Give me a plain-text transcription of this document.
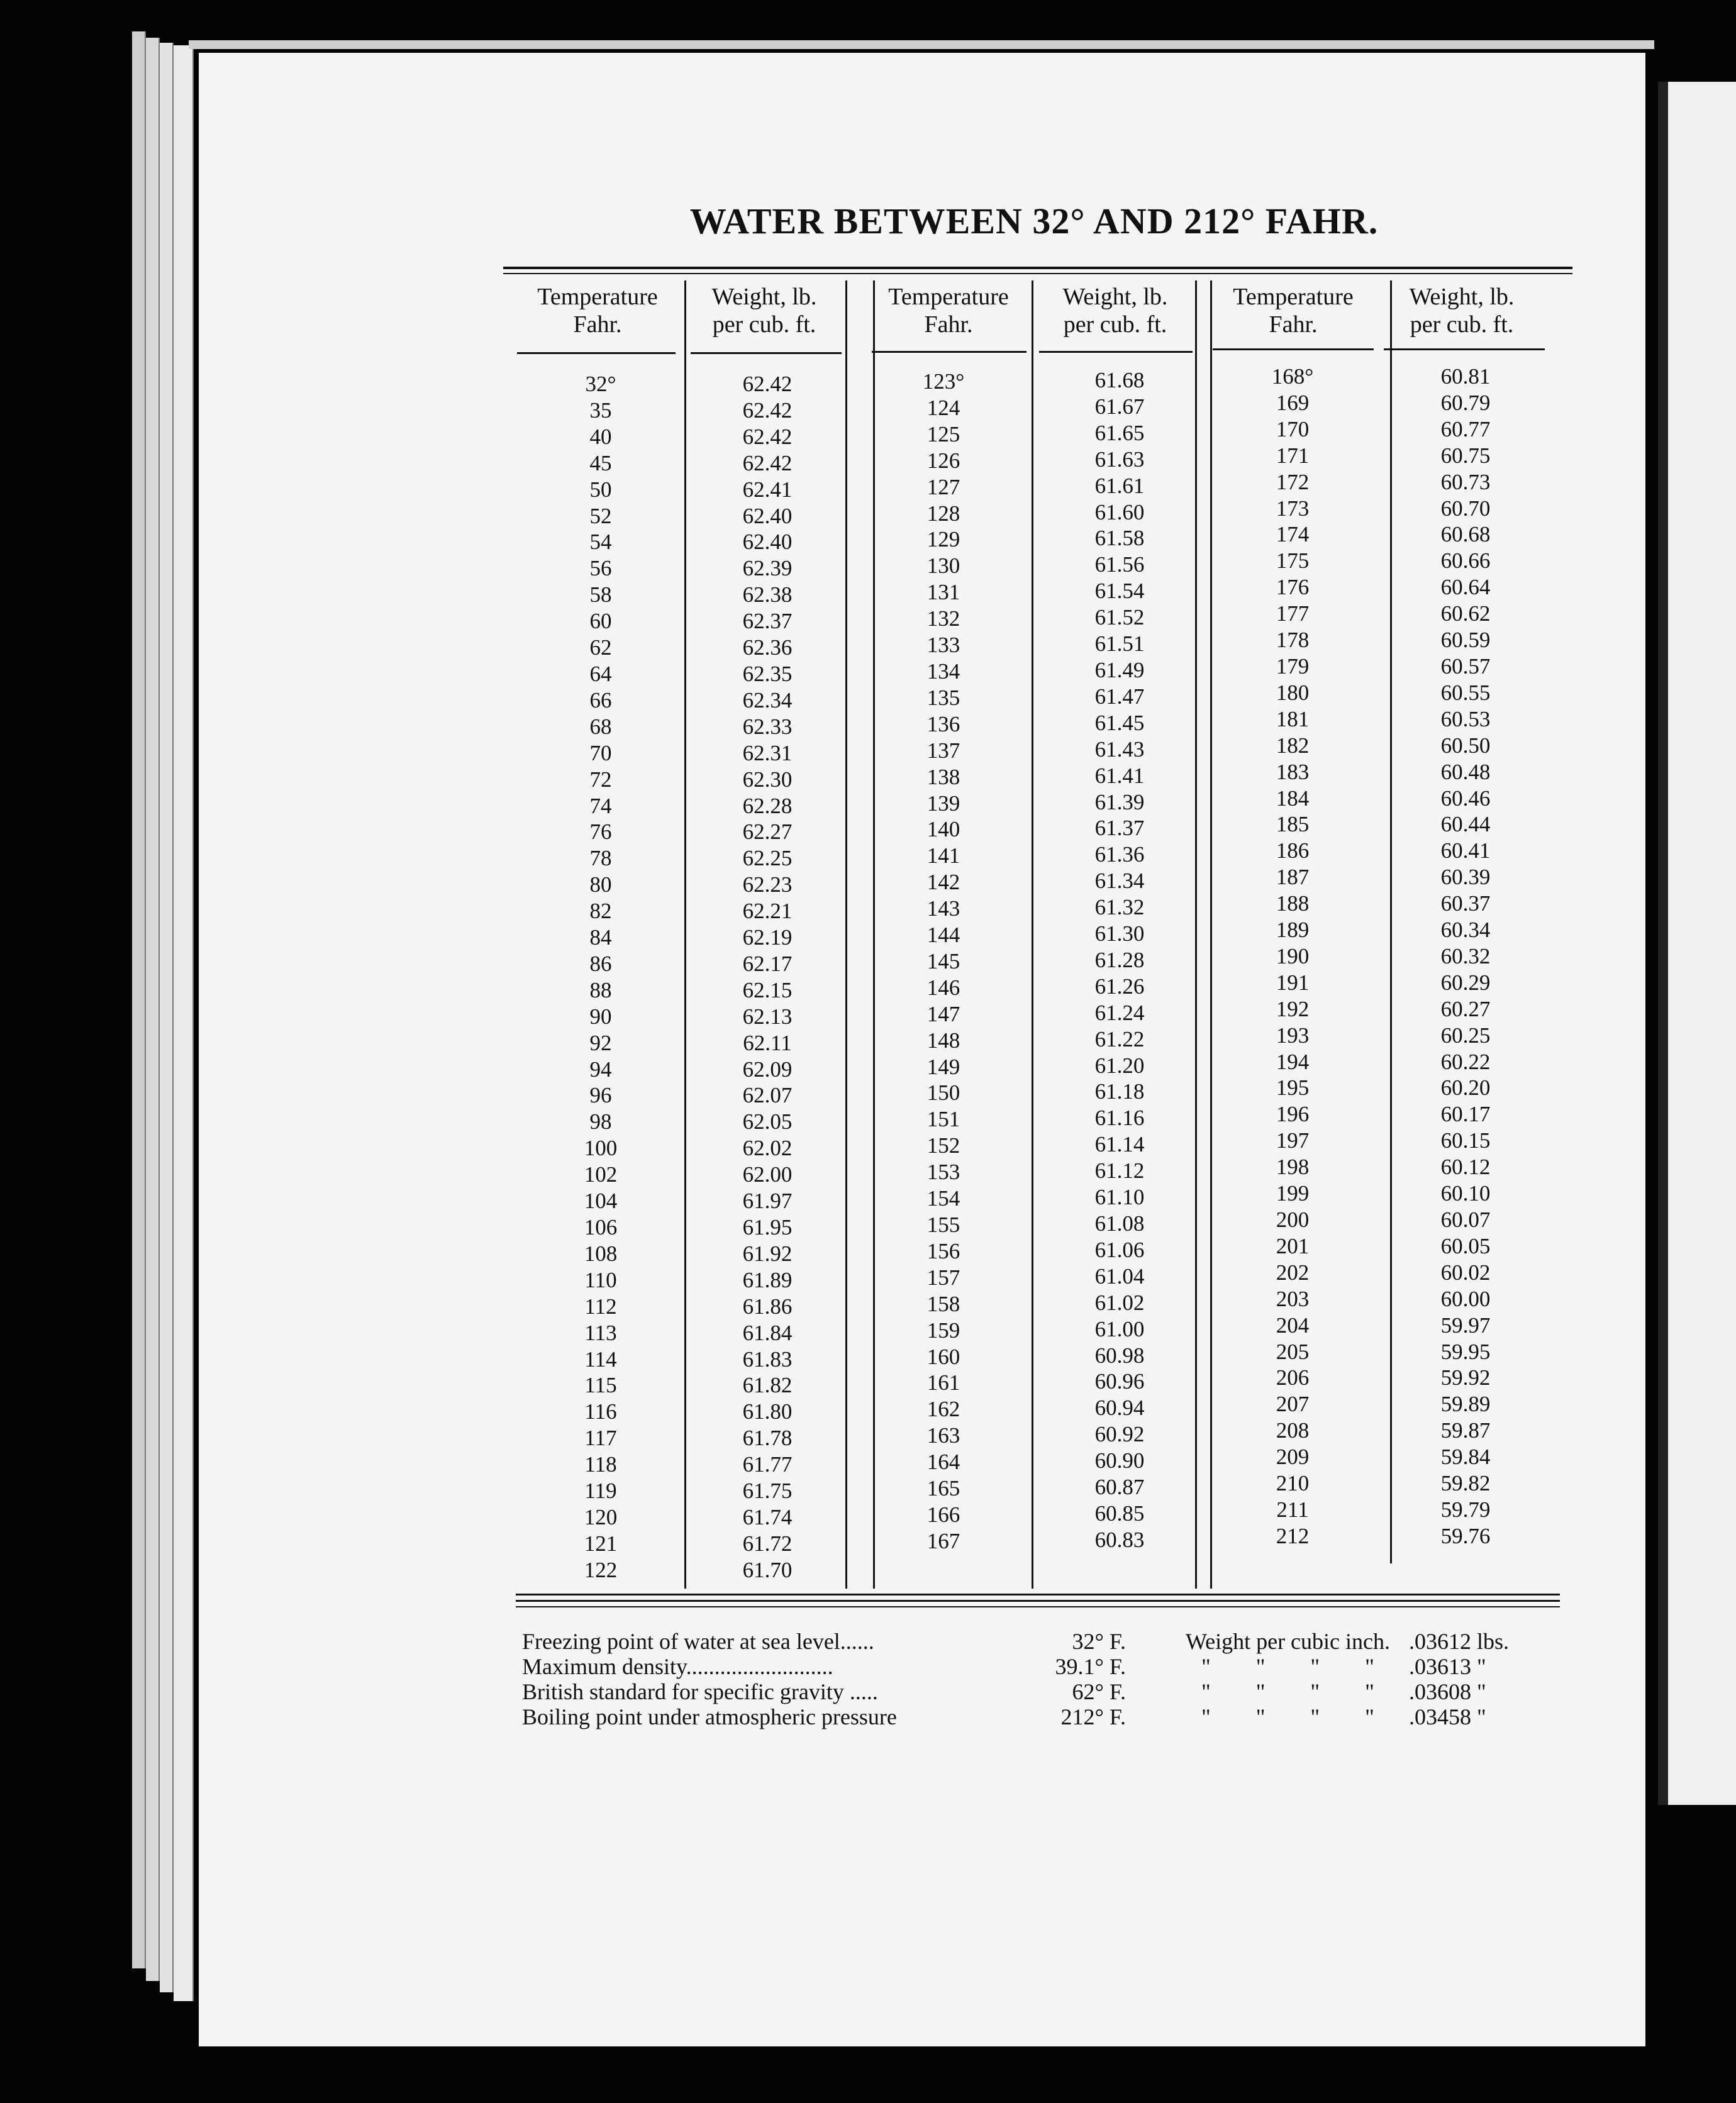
WATER BETWEEN 32° AND 212° FAHR.
Temperature
Fahr.
Weight, lb.
per cub. ft.
Temperature
Fahr.
Weight, lb.
per cub. ft.
Temperature
Fahr.
Weight, lb.
per cub. ft.
32°
35
40
45
50
52
54
56
58
60
62
64
66
68
70
72
74
76
78
80
82
84
86
88
90
92
94
96
98
100
102
104
106
108
110
112
113
114
115
116
117
118
119
120
121
122
62.42
62.42
62.42
62.42
62.41
62.40
62.40
62.39
62.38
62.37
62.36
62.35
62.34
62.33
62.31
62.30
62.28
62.27
62.25
62.23
62.21
62.19
62.17
62.15
62.13
62.11
62.09
62.07
62.05
62.02
62.00
61.97
61.95
61.92
61.89
61.86
61.84
61.83
61.82
61.80
61.78
61.77
61.75
61.74
61.72
61.70
123°
124
125
126
127
128
129
130
131
132
133
134
135
136
137
138
139
140
141
142
143
144
145
146
147
148
149
150
151
152
153
154
155
156
157
158
159
160
161
162
163
164
165
166
167
61.68
61.67
61.65
61.63
61.61
61.60
61.58
61.56
61.54
61.52
61.51
61.49
61.47
61.45
61.43
61.41
61.39
61.37
61.36
61.34
61.32
61.30
61.28
61.26
61.24
61.22
61.20
61.18
61.16
61.14
61.12
61.10
61.08
61.06
61.04
61.02
61.00
60.98
60.96
60.94
60.92
60.90
60.87
60.85
60.83
168°
169
170
171
172
173
174
175
176
177
178
179
180
181
182
183
184
185
186
187
188
189
190
191
192
193
194
195
196
197
198
199
200
201
202
203
204
205
206
207
208
209
210
211
212
60.81
60.79
60.77
60.75
60.73
60.70
60.68
60.66
60.64
60.62
60.59
60.57
60.55
60.53
60.50
60.48
60.46
60.44
60.41
60.39
60.37
60.34
60.32
60.29
60.27
60.25
60.22
60.20
60.17
60.15
60.12
60.10
60.07
60.05
60.02
60.00
59.97
59.95
59.92
59.89
59.87
59.84
59.82
59.79
59.76
Freezing point of water at sea level......
Maximum density..........................
British standard for specific gravity .....
Boiling point under atmospheric pressure
32° F.
39.1° F.
62° F.
212° F.
Weight per cubic inch.
"        "        "        "
"        "        "        "
"        "        "        "
.03612 lbs.
.03613 "
.03608 "
.03458 "
